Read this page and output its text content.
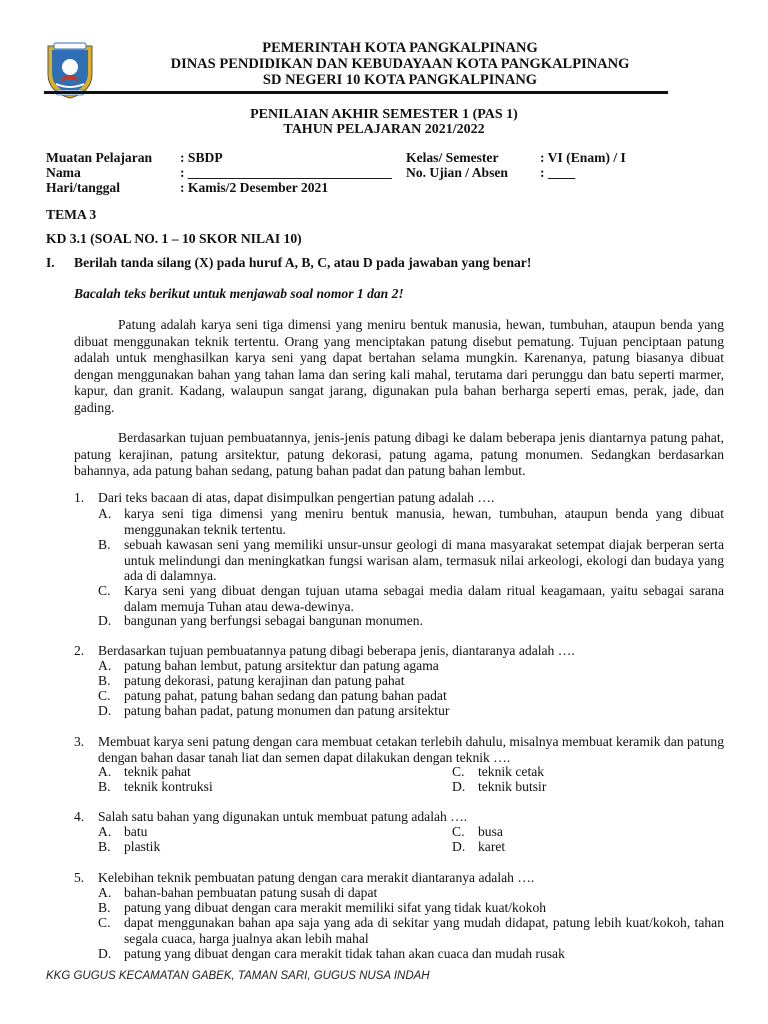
PEMERINTAH KOTA PANGKALPINANG
DINAS PENDIDIKAN DAN KEBUDAYAAN KOTA PANGKALPINANG
SD NEGERI 10 KOTA PANGKALPINANG
PENILAIAN AKHIR SEMESTER 1 (PAS 1)
TAHUN PELAJARAN 2021/2022
Muatan Pelajaran : SBDP
Nama	: ______________________________
Hari/tanggal	: Kamis/2 Desember 2021
Kelas/ Semester	: VI (Enam) / I
No. Ujian / Absen : ____
TEMA 3
KD 3.1 (SOAL NO. 1 – 10 SKOR NILAI 10)
I. Berilah tanda silang (X) pada huruf A, B, C, atau D pada jawaban yang benar!
Bacalah teks berikut untuk menjawab soal nomor 1 dan 2!
Patung adalah karya seni tiga dimensi yang meniru bentuk manusia, hewan, tumbuhan, ataupun benda yang dibuat menggunakan teknik tertentu. Orang yang menciptakan patung disebut pematung. Tujuan penciptaan patung adalah untuk menghasilkan karya seni yang dapat bertahan selama mungkin. Karenanya, patung biasanya dibuat dengan menggunakan bahan yang tahan lama dan sering kali mahal, terutama dari perunggu dan batu seperti marmer, kapur, dan granit. Kadang, walaupun sangat jarang, digunakan pula bahan berharga seperti emas, perak, jade, dan gading.
Berdasarkan tujuan pembuatannya, jenis-jenis patung dibagi ke dalam beberapa jenis diantarnya patung pahat, patung kerajinan, patung arsitektur, patung dekorasi, patung agama, patung monumen. Sedangkan berdasarkan bahannya, ada patung bahan sedang, patung bahan padat dan patung bahan lembut.
1. Dari teks bacaan di atas, dapat disimpulkan pengertian patung adalah ….
A. karya seni tiga dimensi yang meniru bentuk manusia, hewan, tumbuhan, ataupun benda yang dibuat menggunakan teknik tertentu.
B. sebuah kawasan seni yang memiliki unsur-unsur geologi di mana masyarakat setempat diajak berperan serta untuk melindungi dan meningkatkan fungsi warisan alam, termasuk nilai arkeologi, ekologi dan budaya yang ada di dalamnya.
C. Karya seni yang dibuat dengan tujuan utama sebagai media dalam ritual keagamaan, yaitu sebagai sarana dalam memuja Tuhan atau dewa-dewinya.
D. bangunan yang berfungsi sebagai bangunan monumen.
2. Berdasarkan tujuan pembuatannya patung dibagi beberapa jenis, diantaranya adalah ….
A. patung bahan lembut, patung arsitektur dan patung agama
B. patung dekorasi, patung kerajinan dan patung pahat
C. patung pahat, patung bahan sedang dan patung bahan padat
D. patung bahan padat, patung monumen dan patung arsitektur
3. Membuat karya seni patung dengan cara membuat cetakan terlebih dahulu, misalnya membuat keramik dan patung dengan bahan dasar tanah liat dan semen dapat dilakukan dengan teknik ….
A. teknik pahat
B. teknik kontruksi
C. teknik cetak
D. teknik butsir
4. Salah satu bahan yang digunakan untuk membuat patung adalah ….
A. batu
B. plastik
C. busa
D. karet
5. Kelebihan teknik pembuatan patung dengan cara merakit diantaranya adalah ….
A. bahan-bahan pembuatan patung susah di dapat
B. patung yang dibuat dengan cara merakit memiliki sifat yang tidak kuat/kokoh
C. dapat menggunakan bahan apa saja yang ada di sekitar yang mudah didapat, patung lebih kuat/kokoh, tahan segala cuaca, harga jualnya akan lebih mahal
D. patung yang dibuat dengan cara merakit tidak tahan akan cuaca dan mudah rusak
KKG GUGUS KECAMATAN GABEK, TAMAN SARI, GUGUS NUSA INDAH
